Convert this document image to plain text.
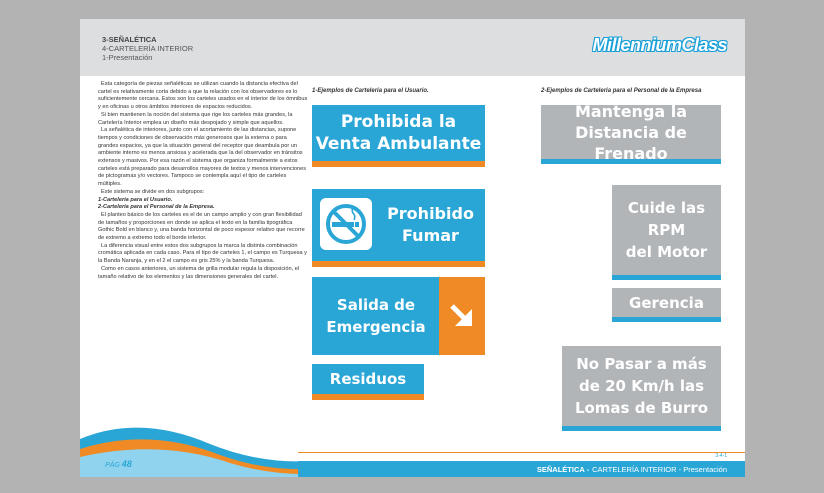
3-SEÑALÉTICA
4-CARTELERÍA INTERIOR
1-Presentación
MillenniumClass

Esta categoría de piezas señaléticas se utilizan cuando la distancia efectiva del cartel es relativamente corta debido a que la relación con los observadores es lo suficientemente cercana. Estos son los carteles usados en el interior de los ómnibus y en oficinas u otros ámbitos interiores de espacios reducidos.

Si bien mantienen la noción del sistema que rige los carteles más grandes, la Cartelería Interior emplea un diseño más despojado y simple que aquellos.

La señalética de interiores, junto con el acortamiento de las distancias, supone tiempos y condiciones de observación más generosos que la externa o para grandes espacios, ya que la situación general del receptor que deambula por un ambiente interno es menos ansiosa y acelerada que la del observador en tránsitos extensos y masivos. Por esa razón el sistema que organiza formalmente a estos carteles está preparado para desarrollos mayores de textos y menos intervenciones de pictogramas y/o vectores. Tampoco se contempla aquí el tipo de carteles múltiples.

Este sistema se divide en dos subgrupos:

1-Cartelería para el Usuario.

2-Cartelería para el Personal de la Empresa.

El planteo básico de los carteles es el de un campo amplio y con gran flexibilidad de tamaños y proporciones en donde se aplica el texto en la familia tipográfica Gothic Bold en blanco y, una banda horizontal de poco espesor relativo que recorre de extremo a extremo todo el borde inferior.

La diferencia visual entre estos dos subgrupos la marca la distinta combinación cromática aplicada en cada caso. Para el tipo de carteles 1, el campo es Turquesa y la Banda Naranja, y en el 2 el campo es gris 25% y la banda Turquesa.

Como en casos anteriores, un sistema de grilla modular regula la disposición, el tamaño relativo de los elementos y las dimensiones generales del cartel.

1-Ejemplos de Cartelería para el Usuario.	2-Ejemplos de Cartelería para el Personal de la Empresa
Prohibida la
Venta Ambulante
Prohibido
Fumar
Salida de
Emergencia
Residuos
Mantenga la
Distancia de Frenado
Cuide las
RPM
del Motor
Gerencia
No Pasar a más
de 20 Km/h las
Lomas de Burro
3-4-1
SEÑALÉTICA - CARTELERÍA INTERIOR - Presentación
PÁG 48
